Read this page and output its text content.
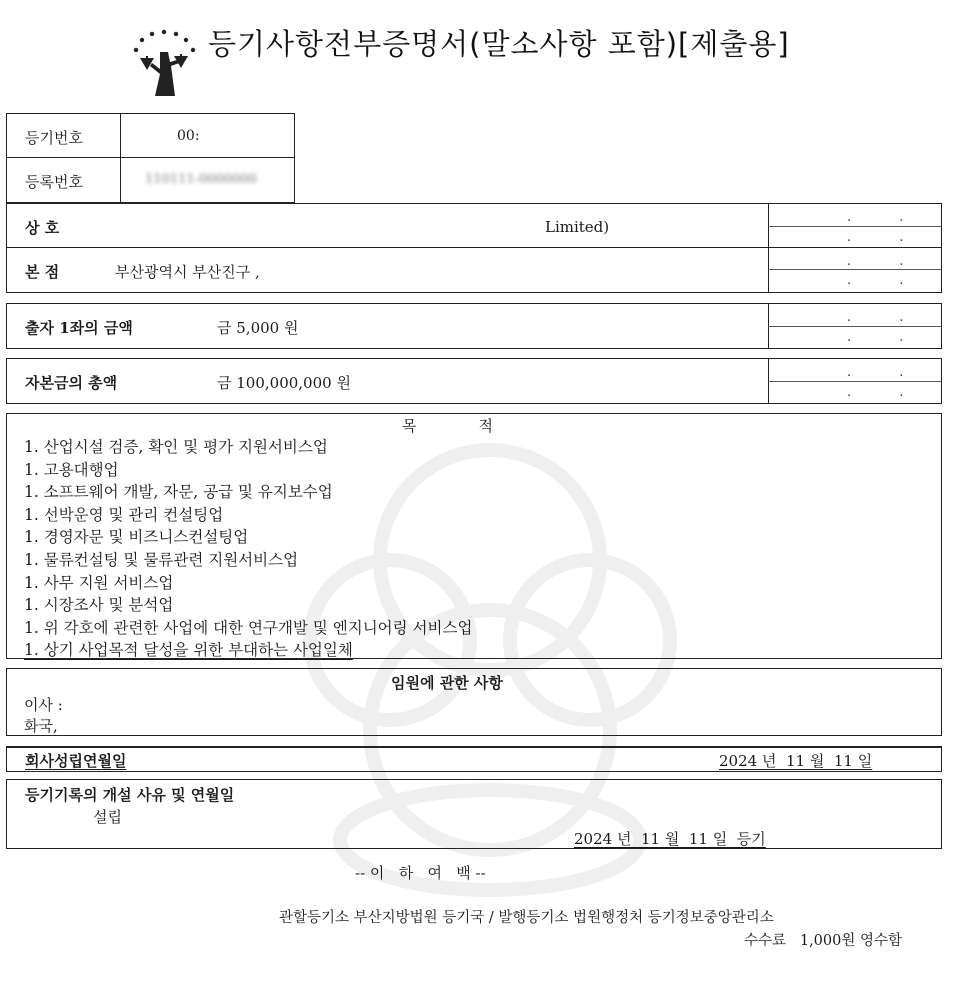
등기사항전부증명서(말소사항 포함)[제출용]
등기번호	00:
등록번호	110111-0000000
상 호	Limited)
본 점	부산광역시 부산진구 ,
. .
. .
. .
. .
출자 1좌의 금액	금 5,000 원
. .
. .
자본금의 총액	금 100,000,000 원
. .
. .
목             적
1. 산업시설 검증, 확인 및 평가 지원서비스업
1. 고용대행업
1. 소프트웨어 개발, 자문, 공급 및 유지보수업
1. 선박운영 및 관리 컨설팅업
1. 경영자문 및 비즈니스컨설팅업
1. 물류컨설팅 및 물류관련 지원서비스업
1. 사무 지원 서비스업
1. 시장조사 및 분석업
1. 위 각호에 관련한 사업에 대한 연구개발 및 엔지니어링 서비스업
1. 상기 사업목적 달성을 위한 부대하는 사업일체
임원에 관한 사항
이사 :
화국,
회사성립연월일	2024 년  11 월  11 일
등기기록의 개설 사유 및 연월일
설립
2024 년  11 월  11 일  등기
-- 이   하   여   백 --
관할등기소 부산지방법원 등기국 / 발행등기소 법원행정처 등기정보중앙관리소
수수료   1,000원 영수함
